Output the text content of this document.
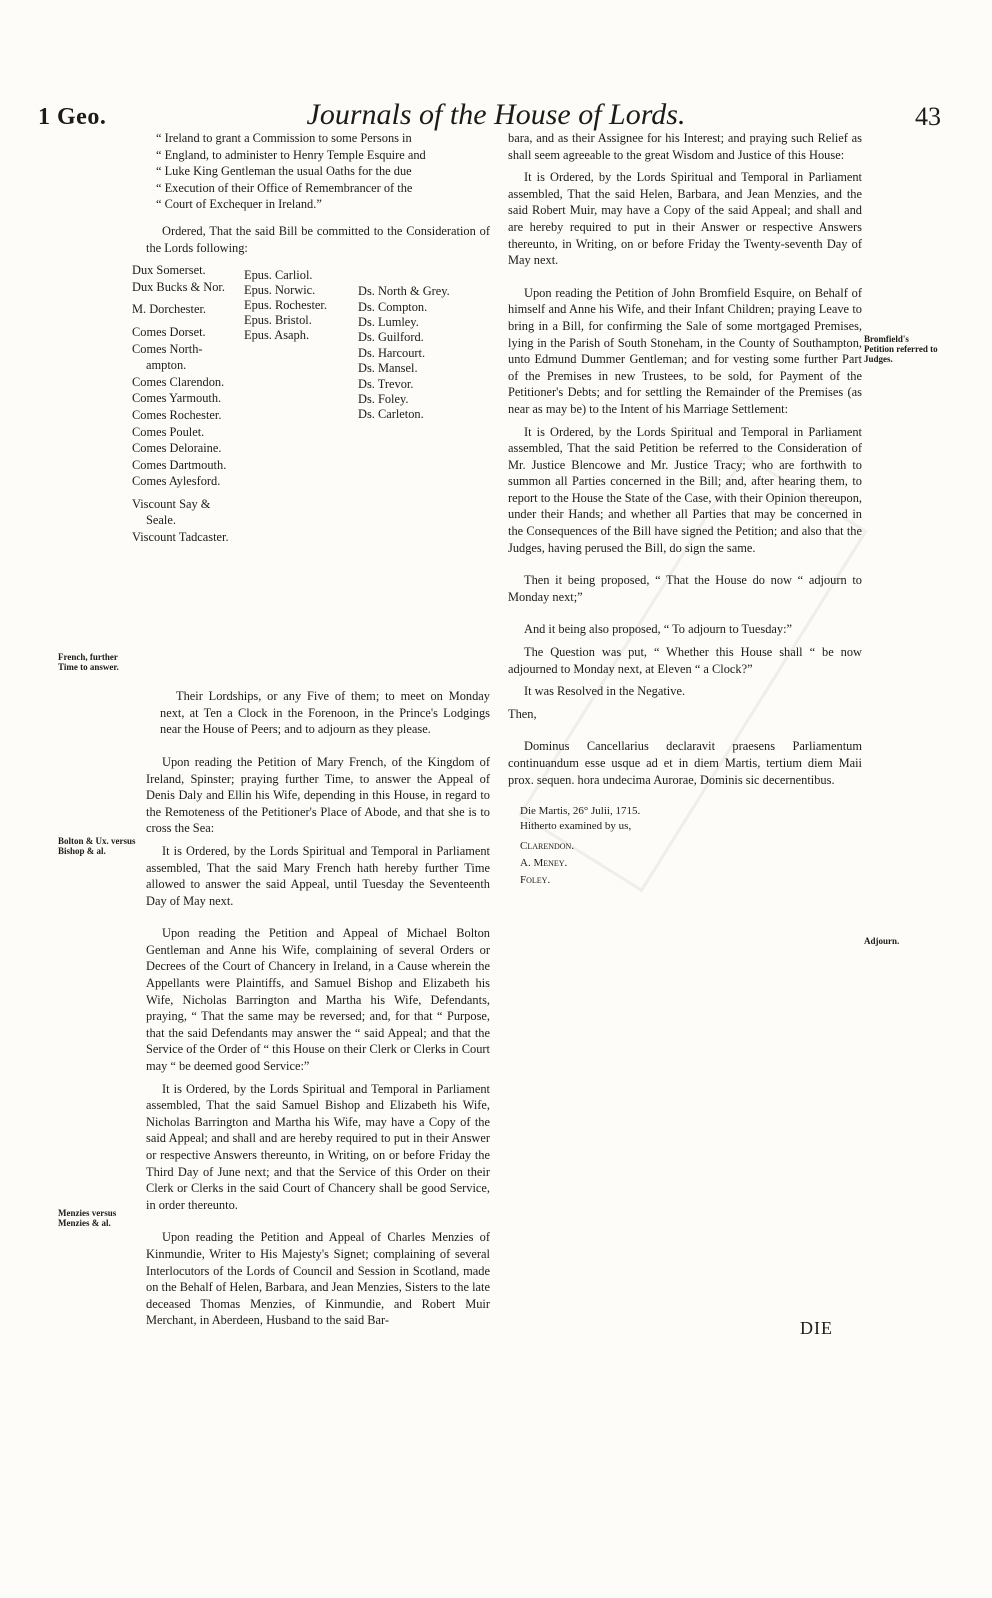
1 Geo.	Journals of the House of Lords.	43
“ Ireland to grant a Commission to some Persons in
“ England, to administer to Henry Temple Esquire and
“ Luke King Gentleman the usual Oaths for the due
“ Execution of their Office of Remembrancer of the
“ Court of Exchequer in Ireland.”

Ordered, That the said Bill be committed to the Consideration of the Lords following:

Dux Somerset.
Dux Bucks & Nor.
M. Dorchester.
Comes Dorset.
Comes North-
ampton.
Comes Clarendon.
Comes Yarmouth.
Comes Rochester.
Comes Poulet.
Comes Deloraine.
Comes Dartmouth.
Comes Aylesford.
Viscount Say &
Seale.
Viscount Tadcaster.
Epus. Carliol.
Epus. Norwic.
Epus. Rochester.
Epus. Bristol.
Epus. Asaph.
Ds. North & Grey.
Ds. Compton.
Ds. Lumley.
Ds. Guilford.
Ds. Harcourt.
Ds. Mansel.
Ds. Trevor.
Ds. Foley.
Ds. Carleton.

Their Lordships, or any Five of them; to meet on Monday next, at Ten a Clock in the Forenoon, in the Prince's Lodgings near the House of Peers; and to adjourn as they please.

Upon reading the Petition of Mary French, of the Kingdom of Ireland, Spinster; praying further Time, to answer the Appeal of Denis Daly and Ellin his Wife, depending in this House, in regard to the Remoteness of the Petitioner's Place of Abode, and that she is to cross the Sea:

It is Ordered, by the Lords Spiritual and Temporal in Parliament assembled, That the said Mary French hath hereby further Time allowed to answer the said Appeal, until Tuesday the Seventeenth Day of May next.

Upon reading the Petition and Appeal of Michael Bolton Gentleman and Anne his Wife, complaining of several Orders or Decrees of the Court of Chancery in Ireland, in a Cause wherein the Appellants were Plaintiffs, and Samuel Bishop and Elizabeth his Wife, Nicholas Barrington and Martha his Wife, Defendants, praying, “ That the same may be reversed; and, for that “ Purpose, that the said Defendants may answer the “ said Appeal; and that the Service of the Order of “ this House on their Clerk or Clerks in Court may “ be deemed good Service:”

It is Ordered, by the Lords Spiritual and Temporal in Parliament assembled, That the said Samuel Bishop and Elizabeth his Wife, Nicholas Barrington and Martha his Wife, may have a Copy of the said Appeal; and shall and are hereby required to put in their Answer or respective Answers thereunto, in Writing, on or before Friday the Third Day of June next; and that the Service of this Order on their Clerk or Clerks in the said Court of Chancery shall be good Service, in order thereunto.

Upon reading the Petition and Appeal of Charles Menzies of Kinmundie, Writer to His Majesty's Signet; complaining of several Interlocutors of the Lords of Council and Session in Scotland, made on the Behalf of Helen, Barbara, and Jean Menzies, Sisters to the late deceased Thomas Menzies, of Kinmundie, and Robert Muir Merchant, in Aberdeen, Husband to the said Bar-

French, further Time to answer.
Bolton & Ux. versus Bishop & al.
Menzies versus Menzies & al.

bara, and as their Assignee for his Interest; and praying such Relief as shall seem agreeable to the great Wisdom and Justice of this House:

It is Ordered, by the Lords Spiritual and Temporal in Parliament assembled, That the said Helen, Barbara, and Jean Menzies, and the said Robert Muir, may have a Copy of the said Appeal; and shall and are hereby required to put in their Answer or respective Answers thereunto, in Writing, on or before Friday the Twenty-seventh Day of May next.

Upon reading the Petition of John Bromfield Esquire, on Behalf of himself and Anne his Wife, and their Infant Children; praying Leave to bring in a Bill, for confirming the Sale of some mortgaged Premises, lying in the Parish of South Stoneham, in the County of Southampton, unto Edmund Dummer Gentleman; and for vesting some further Part of the Premises in new Trustees, to be sold, for Payment of the Petitioner's Debts; and for settling the Remainder of the Premises (as near as may be) to the Intent of his Marriage Settlement:

It is Ordered, by the Lords Spiritual and Temporal in Parliament assembled, That the said Petition be referred to the Consideration of Mr. Justice Blencowe and Mr. Justice Tracy; who are forthwith to summon all Parties concerned in the Bill; and, after hearing them, to report to the House the State of the Case, with their Opinion thereupon, under their Hands; and whether all Parties that may be concerned in the Consequences of the Bill have signed the Petition; and also that the Judges, having perused the Bill, do sign the same.

Then it being proposed, “ That the House do now “ adjourn to Monday next;”

And it being also proposed, “ To adjourn to Tuesday:”

The Question was put, “ Whether this House shall “ be now adjourned to Monday next, at Eleven “ a Clock?”

It was Resolved in the Negative.

Then,

Dominus Cancellarius declaravit praesens Parliamentum continuandum esse usque ad et in diem Martis, tertium diem Maii prox. sequen. hora undecima Aurorae, Dominis sic decernentibus.

Die Martis, 26° Julii, 1715.
Hitherto examined by us,
Clarendon.
A. Meney.
Foley.
Bromfield's Petition referred to Judges.
Adjourn.
DIE
